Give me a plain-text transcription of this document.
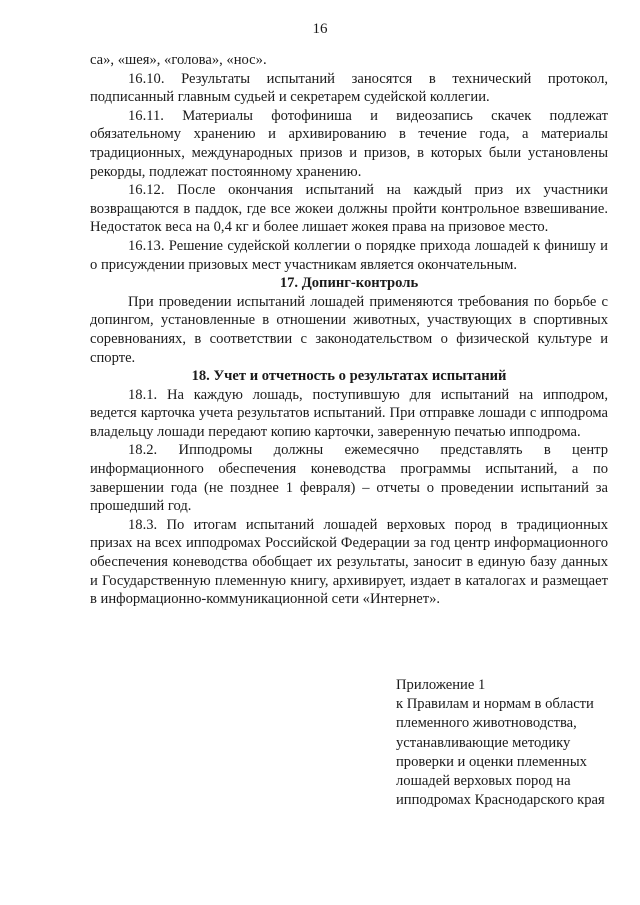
16

са», «шея», «голова», «нос».

16.10. Результаты испытаний заносятся в технический протокол, подписанный главным судьей и секретарем судейской коллегии.

16.11. Материалы фотофиниша и видеозапись скачек подлежат обязательному хранению и архивированию в течение года, а материалы традиционных, международных призов и призов, в которых были установлены рекорды, подлежат постоянному хранению.

16.12. После окончания испытаний на каждый приз их участники возвращаются в паддок, где все жокеи должны пройти контрольное взвешивание. Недостаток веса на 0,4 кг и более лишает жокея права на призовое место.

16.13. Решение судейской коллегии о порядке прихода лошадей к финишу и о присуждении призовых мест участникам является окончательным.

17. Допинг-контроль

При проведении испытаний лошадей применяются требования по борьбе с допингом, установленные в отношении животных, участвующих в спортивных соревнованиях, в соответствии с законодательством о физической культуре и спорте.

18. Учет и отчетность о результатах испытаний

18.1. На каждую лошадь, поступившую для испытаний на ипподром, ведется карточка учета результатов испытаний. При отправке лошади с ипподрома владельцу лошади передают копию карточки, заверенную печатью ипподрома.

18.2. Ипподромы должны ежемесячно представлять в центр информационного обеспечения коневодства программы испытаний, а по завершении года (не позднее 1 февраля) – отчеты о проведении испытаний за прошедший год.

18.3. По итогам испытаний лошадей верховых пород в традиционных призах на всех ипподромах Российской Федерации за год центр информационного обеспечения коневодства обобщает их результаты, заносит в единую базу данных и Государственную племенную книгу, архивирует, издает в каталогах и размещает в информационно-коммуникационной сети «Интернет».

Приложение 1
к Правилам и нормам в области
племенного животноводства,
устанавливающие методику
проверки и оценки племенных
лошадей верховых пород на
ипподромах Краснодарского края
